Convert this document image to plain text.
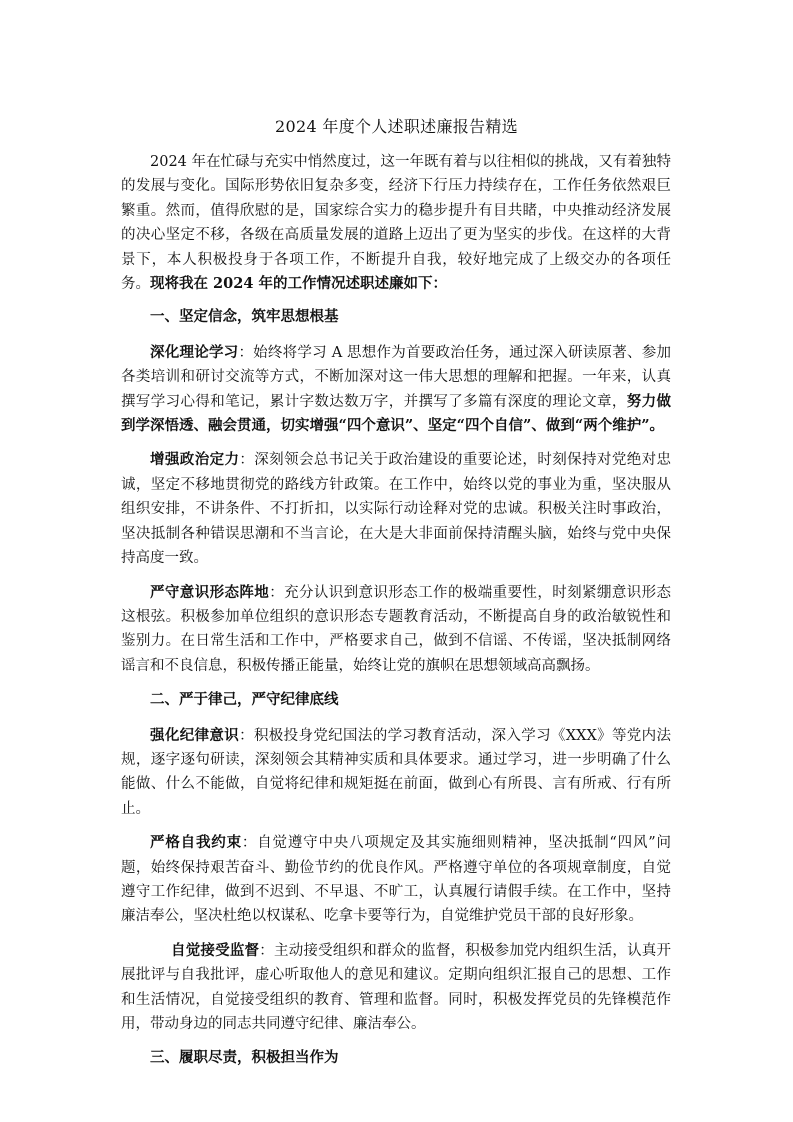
2024 年度个人述职述廉报告精选

2024 年在忙碌与充实中悄然度过，这一年既有着与以往相似的挑战，又有着独特的发展与变化。国际形势依旧复杂多变，经济下行压力持续存在，工作任务依然艰巨繁重。然而，值得欣慰的是，国家综合实力的稳步提升有目共睹，中央推动经济发展的决心坚定不移，各级在高质量发展的道路上迈出了更为坚实的步伐。在这样的大背景下，本人积极投身于各项工作，不断提升自我，较好地完成了上级交办的各项任务。现将我在 2024 年的工作情况述职述廉如下：

一、坚定信念，筑牢思想根基

深化理论学习：始终将学习 A 思想作为首要政治任务，通过深入研读原著、参加各类培训和研讨交流等方式，不断加深对这一伟大思想的理解和把握。一年来，认真撰写学习心得和笔记，累计字数达数万字，并撰写了多篇有深度的理论文章，努力做到学深悟透、融会贯通，切实增强“四个意识”、坚定“四个自信”、做到“两个维护”。

增强政治定力：深刻领会总书记关于政治建设的重要论述，时刻保持对党绝对忠诚，坚定不移地贯彻党的路线方针政策。在工作中，始终以党的事业为重，坚决服从组织安排，不讲条件、不打折扣，以实际行动诠释对党的忠诚。积极关注时事政治，坚决抵制各种错误思潮和不当言论，在大是大非面前保持清醒头脑，始终与党中央保持高度一致。

严守意识形态阵地：充分认识到意识形态工作的极端重要性，时刻紧绷意识形态这根弦。积极参加单位组织的意识形态专题教育活动，不断提高自身的政治敏锐性和鉴别力。在日常生活和工作中，严格要求自己，做到不信谣、不传谣，坚决抵制网络谣言和不良信息，积极传播正能量，始终让党的旗帜在思想领域高高飘扬。

二、严于律己，严守纪律底线

强化纪律意识：积极投身党纪国法的学习教育活动，深入学习《XXX》等党内法规，逐字逐句研读，深刻领会其精神实质和具体要求。通过学习，进一步明确了什么能做、什么不能做，自觉将纪律和规矩挺在前面，做到心有所畏、言有所戒、行有所止。

严格自我约束：自觉遵守中央八项规定及其实施细则精神，坚决抵制“四风”问题，始终保持艰苦奋斗、勤俭节约的优良作风。严格遵守单位的各项规章制度，自觉遵守工作纪律，做到不迟到、不早退、不旷工，认真履行请假手续。在工作中，坚持廉洁奉公，坚决杜绝以权谋私、吃拿卡要等行为，自觉维护党员干部的良好形象。

自觉接受监督：主动接受组织和群众的监督，积极参加党内组织生活，认真开展批评与自我批评，虚心听取他人的意见和建议。定期向组织汇报自己的思想、工作和生活情况，自觉接受组织的教育、管理和监督。同时，积极发挥党员的先锋模范作用，带动身边的同志共同遵守纪律、廉洁奉公。

三、履职尽责，积极担当作为
